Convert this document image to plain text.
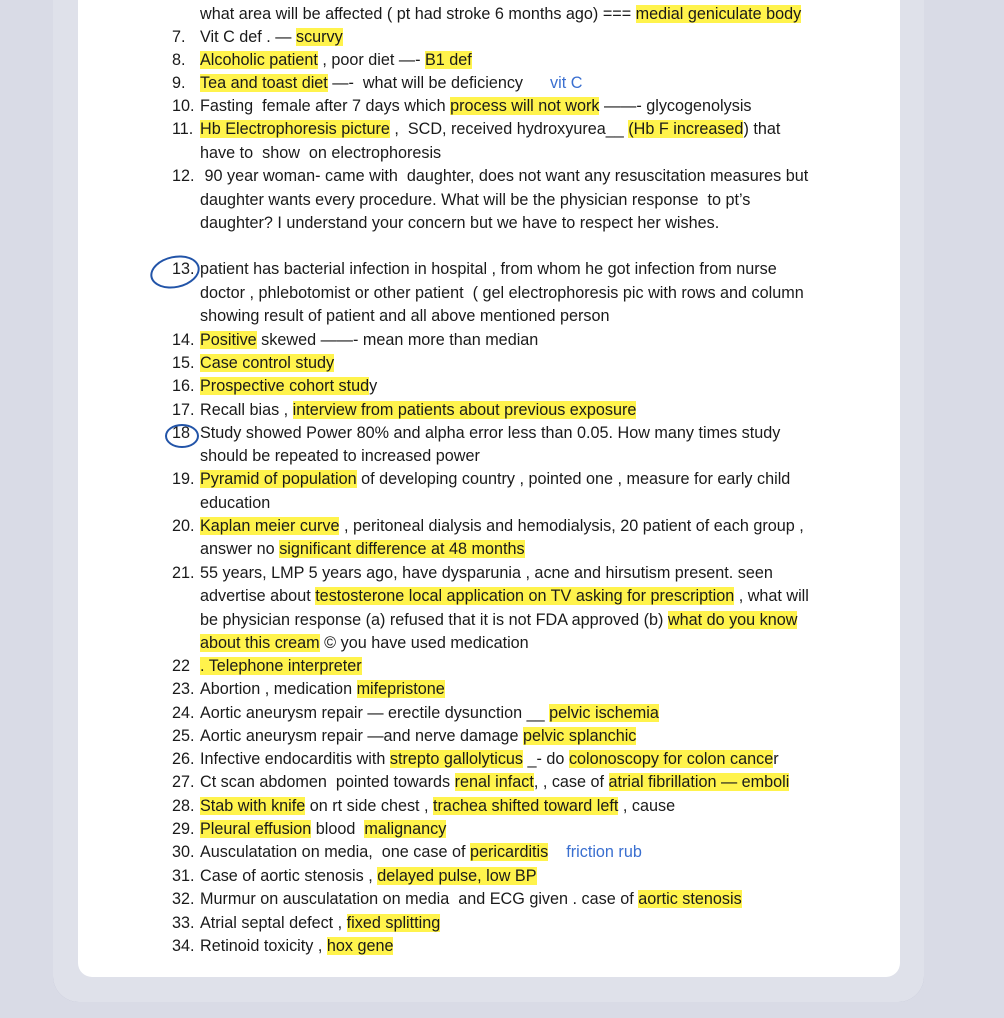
what area will be affected ( pt had stroke 6 months ago) === medial geniculate body
7. Vit C def . — scurvy
8. Alcoholic patient , poor diet —- B1 def
9. Tea and toast diet —-  what will be deficiency      vit C
10. Fasting  female after 7 days which process will not work ——- glycogenolysis
11. Hb Electrophoresis picture ,  SCD, received hydroxyurea__ (Hb F increased) that
have to  show  on electrophoresis
12. 90 year woman- came with  daughter, does not want any resuscitation measures but
daughter wants every procedure. What will be the physician response  to pt’s
daughter? I understand your concern but we have to respect her wishes.
13. patient has bacterial infection in hospital , from whom he got infection from nurse
doctor , phlebotomist or other patient  ( gel electrophoresis pic with rows and column
showing result of patient and all above mentioned person
14. Positive skewed ——- mean more than median
15. Case control study
16. Prospective cohort study
17. Recall bias , interview from patients about previous exposure
18 Study showed Power 80% and alpha error less than 0.05. How many times study
should be repeated to increased power
19. Pyramid of population of developing country , pointed one , measure for early child
education
20. Kaplan meier curve , peritoneal dialysis and hemodialysis, 20 patient of each group ,
answer no significant difference at 48 months
21. 55 years, LMP 5 years ago, have dysparunia , acne and hirsutism present. seen
advertise about testosterone local application on TV asking for prescription , what will
be physician response (a) refused that it is not FDA approved (b) what do you know
about this cream © you have used medication
22 . Telephone interpreter
23. Abortion , medication mifepristone
24. Aortic aneurysm repair — erectile dysunction __ pelvic ischemia
25. Aortic aneurysm repair —and nerve damage pelvic splanchic
26. Infective endocarditis with strepto gallolyticus _- do colonoscopy for colon cancer
27. Ct scan abdomen  pointed towards renal infact, , case of atrial fibrillation — emboli
28. Stab with knife on rt side chest , trachea shifted toward left , cause
29. Pleural effusion blood  malignancy
30. Ausculatation on media,  one case of pericarditis friction rub
31. Case of aortic stenosis , delayed pulse, low BP
32. Murmur on ausculatation on media  and ECG given . case of aortic stenosis
33. Atrial septal defect , fixed splitting
34. Retinoid toxicity , hox gene
